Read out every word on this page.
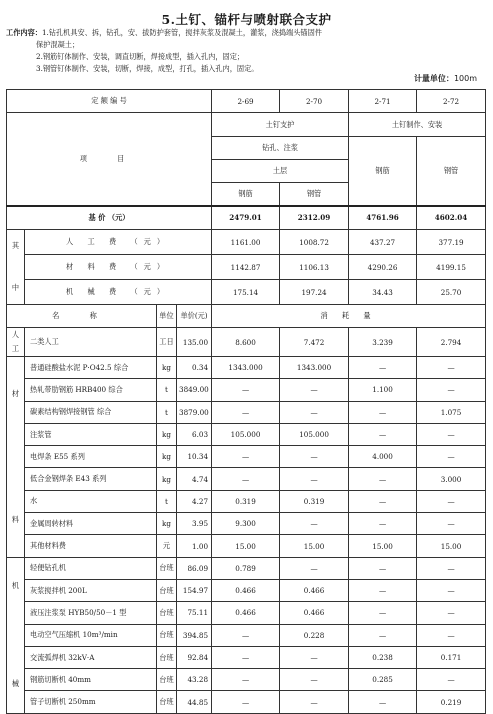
5.土钉、锚杆与喷射联合支护
工作内容：1.钻孔机具安、拆，钻孔，安、拔防护套管，搅拌灰浆及混凝土，灌浆，浇捣端头锚固件
保护混凝土；
2.钢筋钉体制作、安装，调直切断，焊接成型，插入孔内，固定；
3.钢管钉体制作、安装，切断，焊接，成型，打孔，插入孔内，固定。
计量单位：100m
定 额 编 号				2-69	2-70	2-71	2-72
项 目				土钉支护		土钉制作、安装	
				钻孔、注浆		钢筋	钢管
				土层			
				钢筋	钢管		
基 价 （元）				2479.01	2312.09	4761.96	4602.04
其

中	人 工 费 （元）			1161.00	1008.72	437.27	377.19
	材 料 费 （元）			1142.87	1106.13	4290.26	4199.15
	机 械 费 （元）			175.14	197.24	34.43	25.70
名 称		单位	单价(元)	消 耗 量			
人
工	二类人工	工日	135.00	8.600	7.472	3.239	2.794
材

料	普通硅酸盐水泥 P·O42.5 综合	kg	0.34	1343.000	1343.000	—	—
	热轧带肋钢筋 HRB400 综合	t	3849.00	—	—	1.100	—
	碳素结构钢焊接钢管 综合	t	3879.00	—	—	—	1.075
	注浆管	kg	6.03	105.000	105.000	—	—
	电焊条 E55 系列	kg	10.34	—	—	4.000	—
	低合金钢焊条 E43 系列	kg	4.74	—	—	—	3.000
	水	t	4.27	0.319	0.319	—	—
	金属周转材料	kg	3.95	9.300	—	—	—
	其他材料费	元	1.00	15.00	15.00	15.00	15.00
机

械	轻便钻孔机	台班	86.09	0.789	—	—	—
	灰浆搅拌机 200L	台班	154.97	0.466	0.466	—	—
	液压注浆泵 HYB50/50－1 型	台班	75.11	0.466	0.466	—	—
	电动空气压缩机 10m³/min	台班	394.85	—	0.228	—	—
	交流弧焊机 32kV·A	台班	92.84	—	—	0.238	0.171
	钢筋切断机 40mm	台班	43.28	—	—	0.285	—
	管子切断机 250mm	台班	44.85	—	—	—	0.219
